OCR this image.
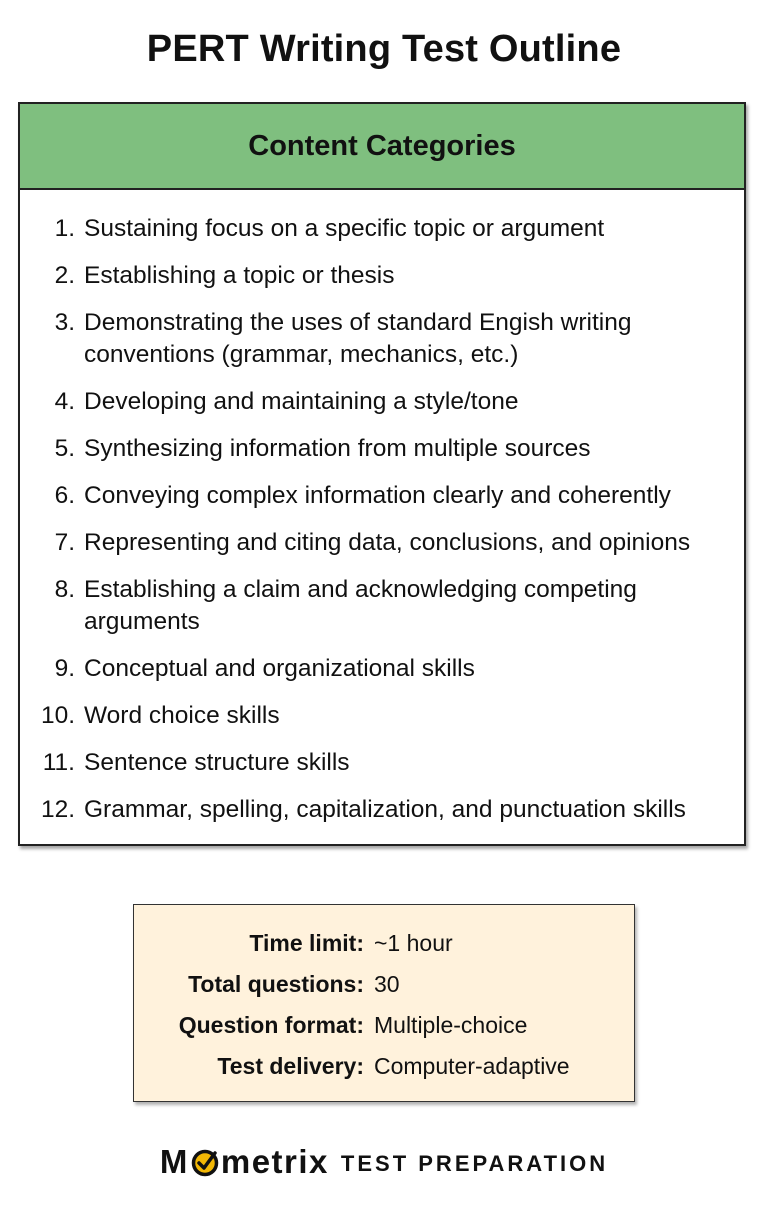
PERT Writing Test Outline
Content Categories
1. Sustaining focus on a specific topic or argument
2. Establishing a topic or thesis
3. Demonstrating the uses of standard Engish writing conventions (grammar, mechanics, etc.)
4. Developing and maintaining a style/tone
5. Synthesizing information from multiple sources
6. Conveying complex information clearly and coherently
7. Representing and citing data, conclusions, and opinions
8. Establishing a claim and acknowledging competing arguments
9. Conceptual and organizational skills
10. Word choice skills
11. Sentence structure skills
12. Grammar, spelling, capitalization, and punctuation skills
Time limit: ~1 hour
Total questions: 30
Question format: Multiple-choice
Test delivery: Computer-adaptive
M metrix TEST PREPARATION
